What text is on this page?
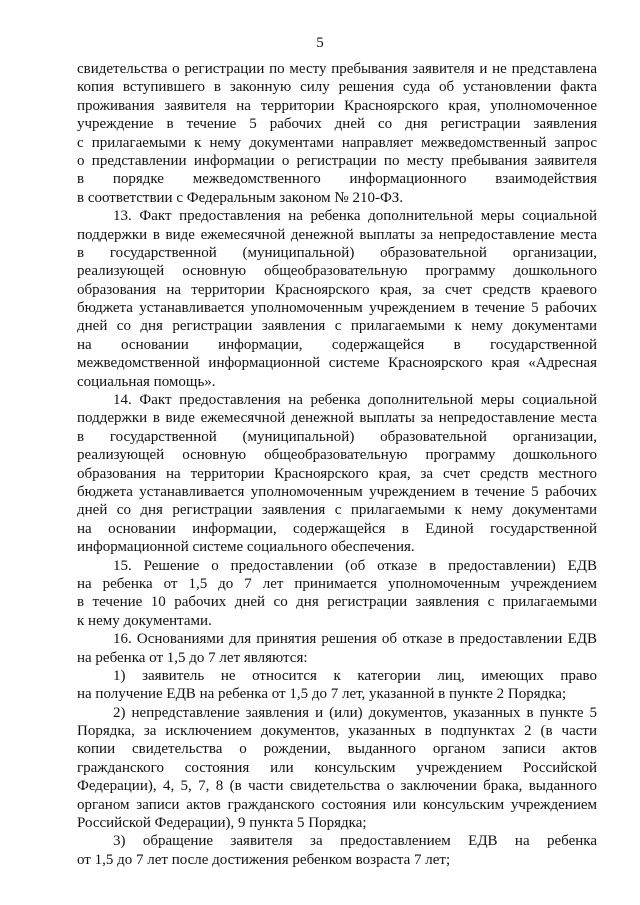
5
свидетельства о регистрации по месту пребывания заявителя и не представлена
копия вступившего в законную силу решения суда об установлении факта
проживания заявителя на территории Красноярского края, уполномоченное
учреждение в течение 5 рабочих дней со дня регистрации заявления
с прилагаемыми к нему документами направляет межведомственный запрос
о представлении информации о регистрации по месту пребывания заявителя
в порядке межведомственного информационного взаимодействия
в соответствии с Федеральным законом № 210-ФЗ.
13. Факт предоставления на ребенка дополнительной меры социальной
поддержки в виде ежемесячной денежной выплаты за непредоставление места
в государственной (муниципальной) образовательной организации,
реализующей основную общеобразовательную программу дошкольного
образования на территории Красноярского края, за счет средств краевого
бюджета устанавливается уполномоченным учреждением в течение 5 рабочих
дней со дня регистрации заявления с прилагаемыми к нему документами
на основании информации, содержащейся в государственной
межведомственной информационной системе Красноярского края «Адресная
социальная помощь».
14. Факт предоставления на ребенка дополнительной меры социальной
поддержки в виде ежемесячной денежной выплаты за непредоставление места
в государственной (муниципальной) образовательной организации,
реализующей основную общеобразовательную программу дошкольного
образования на территории Красноярского края, за счет средств местного
бюджета устанавливается уполномоченным учреждением в течение 5 рабочих
дней со дня регистрации заявления с прилагаемыми к нему документами
на основании информации, содержащейся в Единой государственной
информационной системе социального обеспечения.
15. Решение о предоставлении (об отказе в предоставлении) ЕДВ
на ребенка от 1,5 до 7 лет принимается уполномоченным учреждением
в течение 10 рабочих дней со дня регистрации заявления с прилагаемыми
к нему документами.
16. Основаниями для принятия решения об отказе в предоставлении ЕДВ
на ребенка от 1,5 до 7 лет являются:
1) заявитель не относится к категории лиц, имеющих право
на получение ЕДВ на ребенка от 1,5 до 7 лет, указанной в пункте 2 Порядка;
2) непредставление заявления и (или) документов, указанных в пункте 5
Порядка, за исключением документов, указанных в подпунктах 2 (в части
копии свидетельства о рождении, выданного органом записи актов
гражданского состояния или консульским учреждением Российской
Федерации), 4, 5, 7, 8 (в части свидетельства о заключении брака, выданного
органом записи актов гражданского состояния или консульским учреждением
Российской Федерации), 9 пункта 5 Порядка;
3) обращение заявителя за предоставлением ЕДВ на ребенка
от 1,5 до 7 лет после достижения ребенком возраста 7 лет;
